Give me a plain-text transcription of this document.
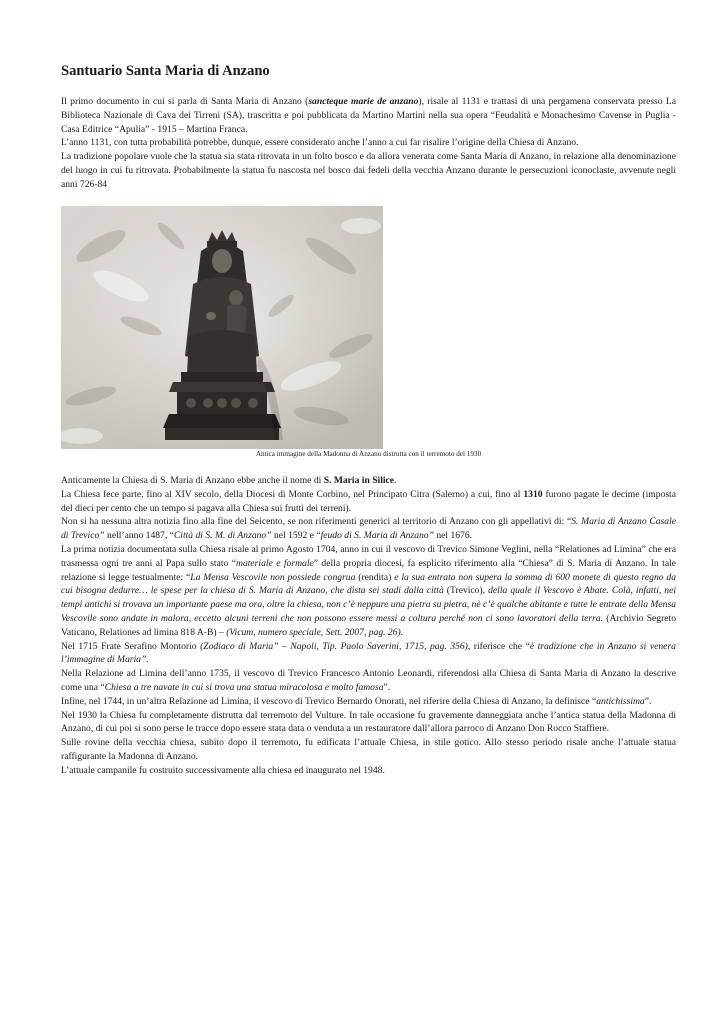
Santuario Santa Maria di Anzano

Il primo documento in cui si parla di Santa Maria di Anzano (sancteque marie de anzano), risale al 1131 e trattasi di una pergamena conservata presso La Biblioteca Nazionale di Cava dei Tirreni (SA), trascritta e poi pubblicata da Martino Martini nella sua opera “Feudalità e Monachesimo Cavense in Puglia - Casa Editrice “Apulia” - 1915 – Martina Franca.

L’anno 1131, con tutta probabilità potrebbe, dunque, essere considerato anche l’anno a cui far risalire l’origine della Chiesa di Anzano.

La tradizione popolare vuole che la statua sia stata ritrovata in un folto bosco e da allora venerata come Santa Maria di Anzano, in relazione alla denominazione del luogo in cui fu ritrovata. Probabilmente la statua fu nascosta nel bosco dai fedeli della vecchia Anzano durante le persecuzioni iconoclaste, avvenute negli anni 726-84

Antica immagine della Madonna di Anzano distrutta con il terremoto del 1930

Anticamente la Chiesa di S. Maria di Anzano ebbe anche il nome di S. Maria in Silice.

La Chiesa fece parte, fino al XIV secolo, della Diocesi di Monte Corbino, nel Principato Citra (Salerno) a cui, fino al 1310 furono pagate le decime (imposta del dieci per cento che un tempo si pagava alla Chiesa sui frutti dei terreni).

Non si ha nessuna altra notizia fino alla fine del Seicento, se non riferimenti generici al territorio di Anzano con gli appellativi di: “S. Maria di Anzano Casale di Trevico” nell’anno 1487, “Città di S. M. di Anzano” nel 1592 e “feudo di S. Maria di Anzano” nel 1676.

La prima notizia documentata sulla Chiesa risale al primo Agosto 1704, anno in cui il vescovo di Trevico Simone Veglini, nella “Relationes ad Limina” che era trasmessa ogni tre anni al Papa sullo stato “materiale e formale” della propria diocesi, fa esplicito riferimento alla “Chiesa” di S. Maria di Anzano. In tale relazione si legge testualmente: “La Mensa Vescovile non possiede congrua (rendita) e la sua entrata non supera la somma di 600 monete di questo regno da cui bisogna dedurre… le spese per la chiesa di S. Maria di Anzano, che dista sei stadi dalla città (Trevico), della quale il Vescovo è Abate. Colà, infatti, nei tempi antichi si trovava un importante paese ma ora, oltre la chiesa, non c’è neppure una pietra su pietra, nè c’è qualche abitante e tutte le entrate della Mensa Vescovile sono andate in malora, eccetto alcuni terreni che non possono essere messi a coltura perché non ci sono lavoratori della terra. (Archivio Segreto Vaticano, Relationes ad limina 818 A-B) – (Vicum, numero speciale, Sett. 2007, pag. 26).

Nel 1715 Frate Serafino Montorio (Zodiaco di Maria” – Napoli, Tip. Paolo Saverini, 1715, pag. 356), riferisce che “è tradizione che in Anzano si venera l’immagine di Maria”.

Nella Relazione ad Limina dell’anno 1735, il vescovo di Trevico Francesco Antonio Leonardi, riferendosi alla Chiesa di Santa Maria di Anzano la descrive come una “Chiesa a tre navate in cui si trova una statua miracolosa e molto famosa”.

Infine, nel 1744, in un’altra Relazione ad Limina, il vescovo di Trevico Bernardo Onorati, nel riferire della Chiesa di Anzano, la definisce “antichissima”.

Nel 1930 la Chiesa fu completamente distrutta dal terremoto del Vulture. In tale occasione fu gravemente danneggiata anche l’antica statua della Madonna di Anzano, di cui poi si sono perse le tracce dopo essere stata data o venduta a un restauratore dall’allora parroco di Anzano Don Rocco Staffiere.

Sulle rovine della vecchia chiesa, subito dopo il terremoto, fu edificata l’attuale Chiesa, in stile gotico. Allo stesso periodo risale anche l’attuale statua raffigurante la Madonna di Anzano.

L’attuale campanile fu costruito successivamente alla chiesa ed inaugurato nel 1948.
